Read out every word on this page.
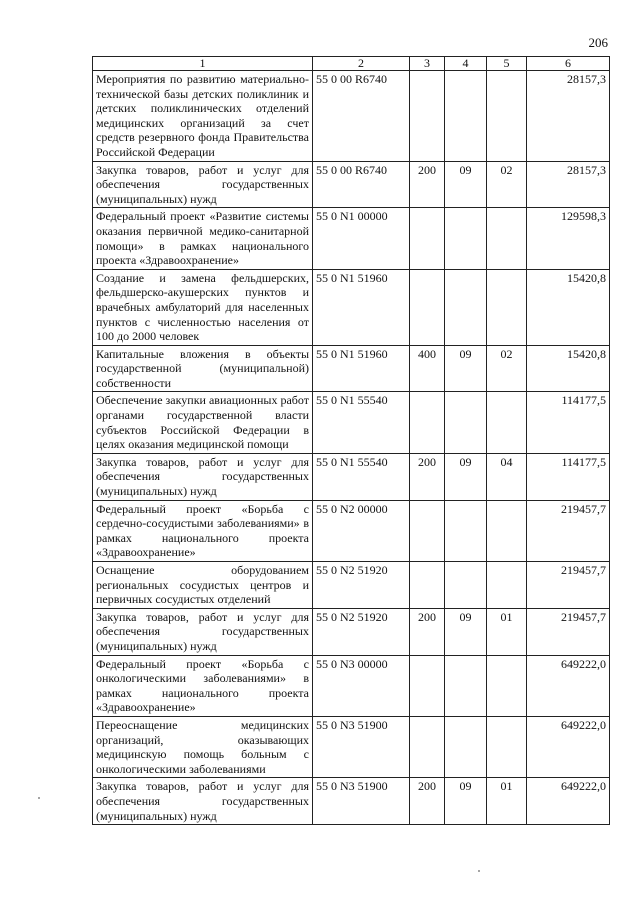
206
1	2	3	4	5	6
Мероприятия по развитию материально-технической базы детских поликлиник и детских поликлинических отделений медицинских организаций за счет средств резервного фонда Правительства Российской Федерации	55 0 00 R6740				28157,3
Закупка товаров, работ и услуг для обеспечения государственных (муниципальных) нужд	55 0 00 R6740	200	09	02	28157,3
Федеральный проект «Развитие системы оказания первичной медико-санитарной помощи» в рамках национального проекта «Здравоохранение»	55 0 N1 00000				129598,3
Создание и замена фельдшерских, фельдшерско-акушерских пунктов и врачебных амбулаторий для населенных пунктов с численностью населения от 100 до 2000 человек	55 0 N1 51960				15420,8
Капитальные вложения в объекты государственной (муниципальной) собственности	55 0 N1 51960	400	09	02	15420,8
Обеспечение закупки авиационных работ органами государственной власти субъектов Российской Федерации в целях оказания медицинской помощи	55 0 N1 55540				114177,5
Закупка товаров, работ и услуг для обеспечения государственных (муниципальных) нужд	55 0 N1 55540	200	09	04	114177,5
Федеральный проект «Борьба с сердечно-сосудистыми заболеваниями» в рамках национального проекта «Здравоохранение»	55 0 N2 00000				219457,7
Оснащение оборудованием региональных сосудистых центров и первичных сосудистых отделений	55 0 N2 51920				219457,7
Закупка товаров, работ и услуг для обеспечения государственных (муниципальных) нужд	55 0 N2 51920	200	09	01	219457,7
Федеральный проект «Борьба с онкологическими заболеваниями» в рамках национального проекта «Здравоохранение»	55 0 N3 00000				649222,0
Переоснащение медицинских организаций, оказывающих медицинскую помощь больным с онкологическими заболеваниями	55 0 N3 51900				649222,0
Закупка товаров, работ и услуг для обеспечения государственных (муниципальных) нужд	55 0 N3 51900	200	09	01	649222,0
